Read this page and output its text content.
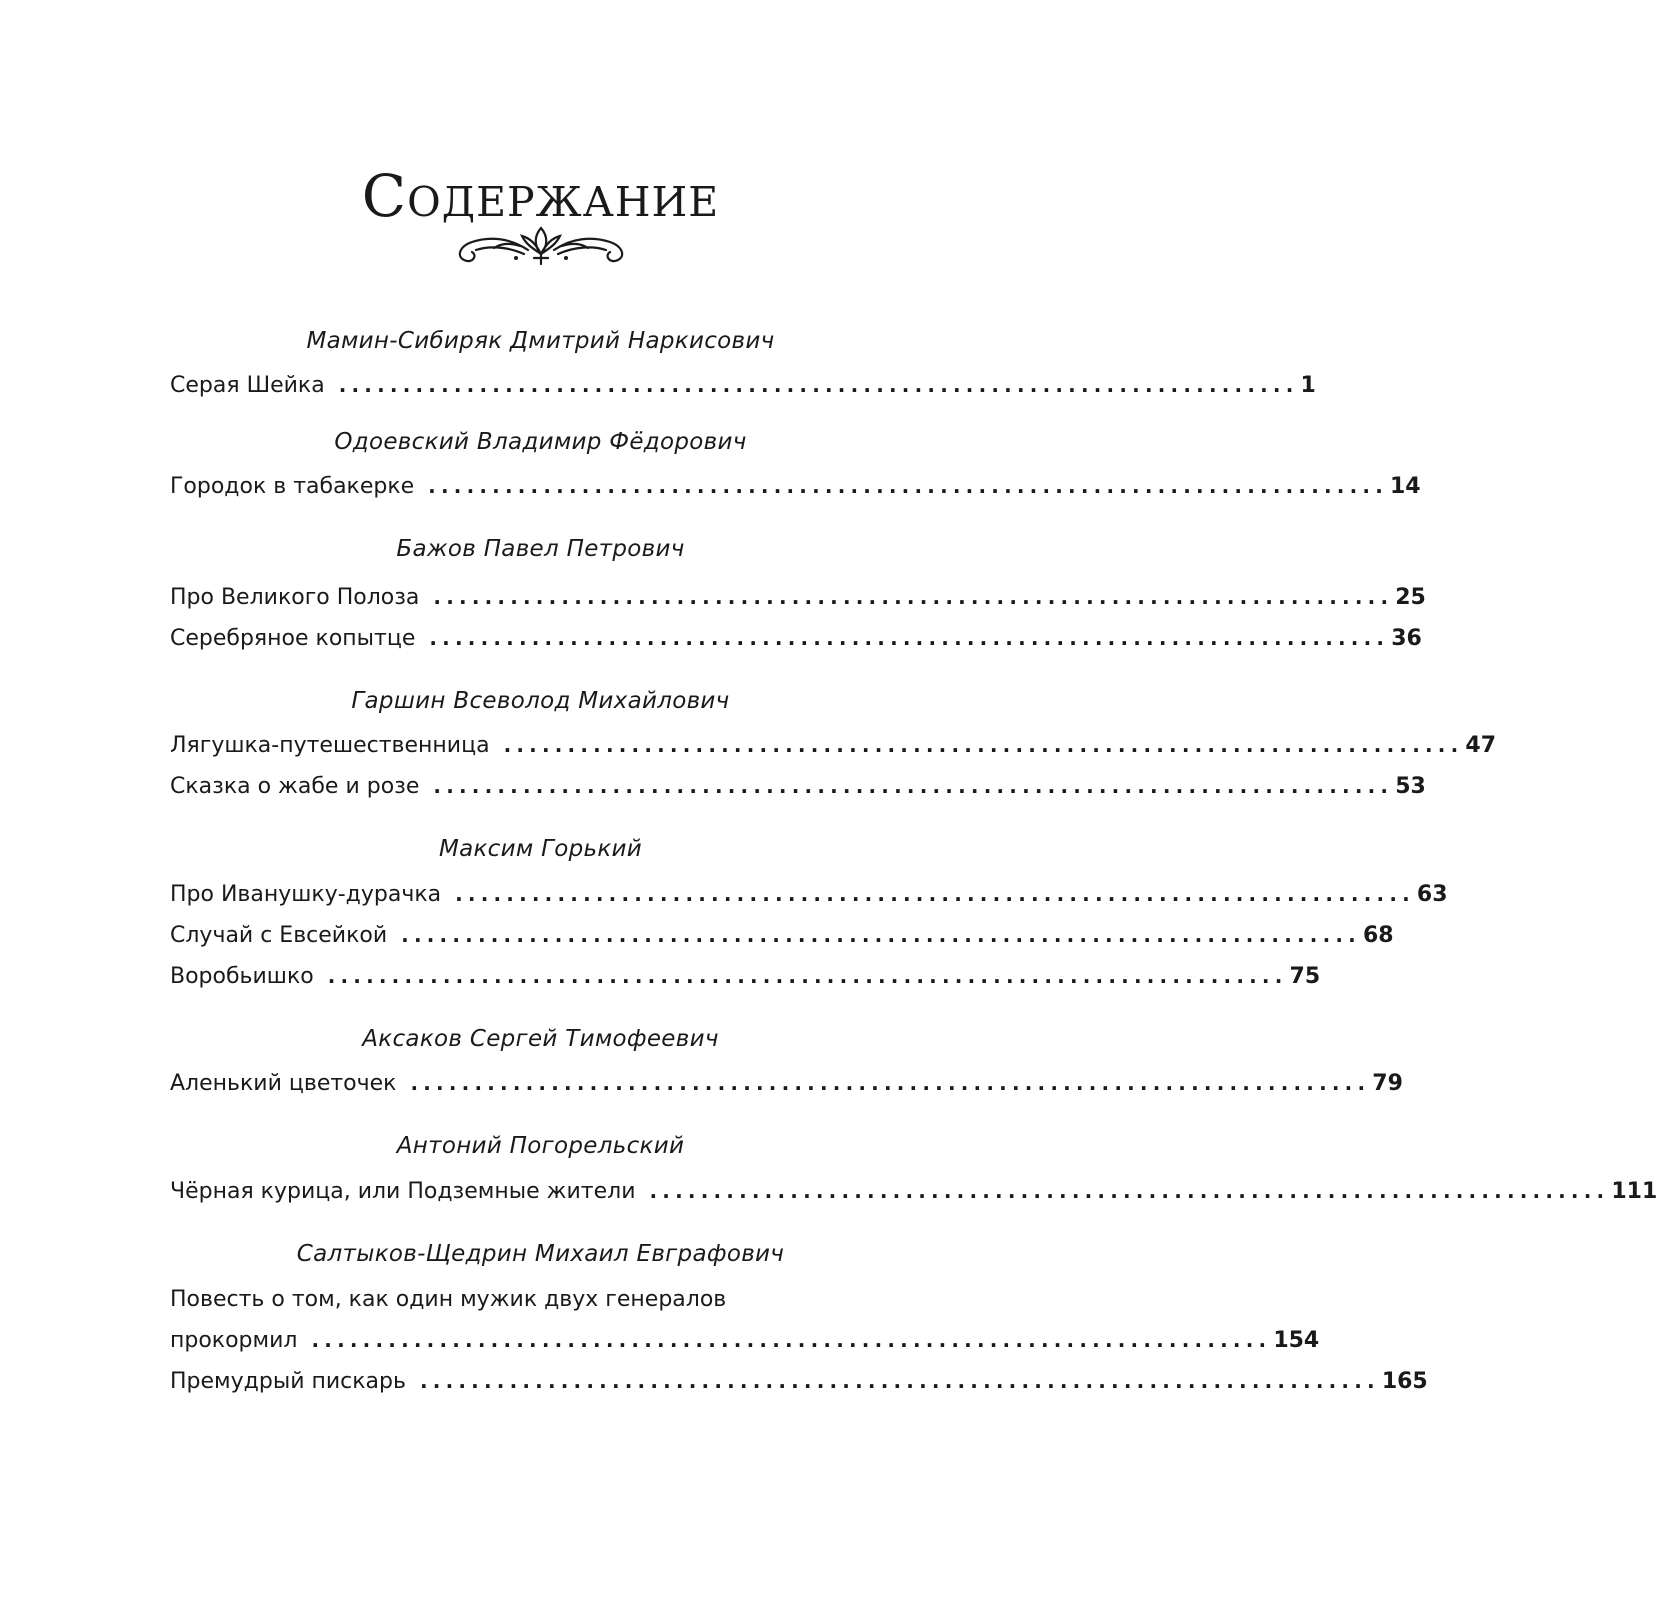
Содержание
Мамин-Сибиряк Дмитрий Наркисович
Серая Шейка ........................................................................... 1
Одоевский Владимир Фёдорович
Городок в табакерке ........................................................................... 14
Бажов Павел Петрович
Про Великого Полоза ........................................................................... 25
Серебряное копытце ........................................................................... 36
Гаршин Всеволод Михайлович
Лягушка-путешественница ........................................................................... 47
Сказка о жабе и розе ........................................................................... 53
Максим Горький
Про Иванушку-дурачка ........................................................................... 63
Случай с Евсейкой ........................................................................... 68
Воробьишко ........................................................................... 75
Аксаков Сергей Тимофеевич
Аленький цветочек ........................................................................... 79
Антоний Погорельский
Чёрная курица, или Подземные жители ........................................................................... 111
Салтыков-Щедрин Михаил Евграфович
Повесть о том, как один мужик двух генералов
прокормил ........................................................................... 154
Премудрый пискарь ........................................................................... 165
